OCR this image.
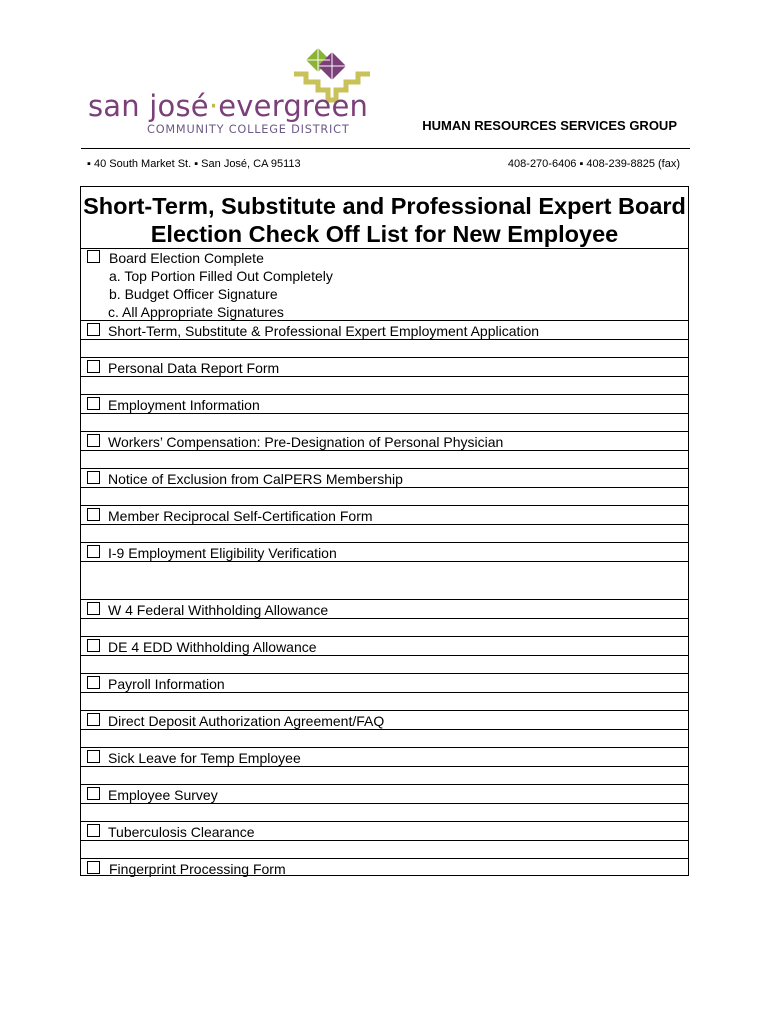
san josé·evergreen
COMMUNITY COLLEGE DISTRICT	HUMAN RESOURCES SERVICES GROUP
▪ 40 South Market St. ▪ San José, CA 95113	408-270-6406 ▪ 408-239-8825 (fax)
Short-Term, Substitute and Professional Expert Board
Election Check Off List for New Employee
Board Election Complete
a. Top Portion Filled Out Completely
b. Budget Officer Signature
c. All Appropriate Signatures
Short-Term, Substitute & Professional Expert Employment Application
Personal Data Report Form
Employment Information
Workers’ Compensation: Pre-Designation of Personal Physician
Notice of Exclusion from CalPERS Membership
Member Reciprocal Self-Certification Form
I-9 Employment Eligibility Verification
W 4 Federal Withholding Allowance
DE 4 EDD Withholding Allowance
Payroll Information
Direct Deposit Authorization Agreement/FAQ
Sick Leave for Temp Employee
Employee Survey
Tuberculosis Clearance
Fingerprint Processing Form
